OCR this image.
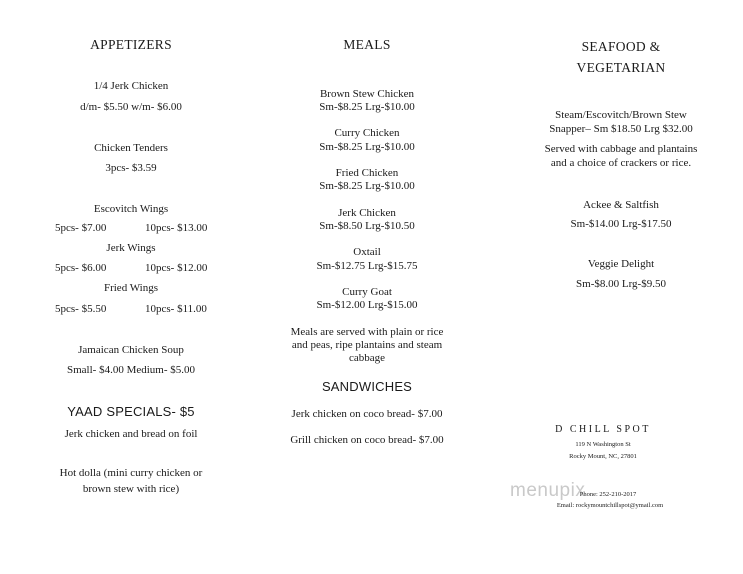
APPETIZERS
1/4 Jerk Chicken
d/m- $5.50 w/m- $6.00
Chicken Tenders
3pcs- $3.59
Escovitch Wings
5pcs- $7.00	10pcs- $13.00
Jerk Wings
5pcs- $6.00	10pcs- $12.00
Fried Wings
5pcs- $5.50	10pcs- $11.00
Jamaican Chicken Soup
Small- $4.00 Medium- $5.00
YAAD SPECIALS- $5
Jerk chicken and bread on foil
Hot dolla (mini curry chicken or
brown stew with rice)
MEALS
Brown Stew Chicken
Sm-$8.25 Lrg-$10.00
Curry Chicken
Sm-$8.25 Lrg-$10.00
Fried Chicken
Sm-$8.25 Lrg-$10.00
Jerk Chicken
Sm-$8.50 Lrg-$10.50
Oxtail
Sm-$12.75 Lrg-$15.75
Curry Goat
Sm-$12.00 Lrg-$15.00
Meals are served with plain or rice
and peas, ripe plantains and steam
cabbage
SANDWICHES
Jerk chicken on coco bread- $7.00
Grill chicken on coco bread- $7.00
SEAFOOD &
VEGETARIAN
Steam/Escovitch/Brown Stew
Snapper– Sm $18.50 Lrg $32.00
Served with cabbage and plantains
and a choice of crackers or rice.
Ackee & Saltfish
Sm-$14.00 Lrg-$17.50
Veggie Delight
Sm-$8.00 Lrg-$9.50
D CHILL SPOT
119 N Washington St
Rocky Mount, NC, 27801
menupix
Phone: 252-210-2017
Email: rockymountchillspot@ymail.com
